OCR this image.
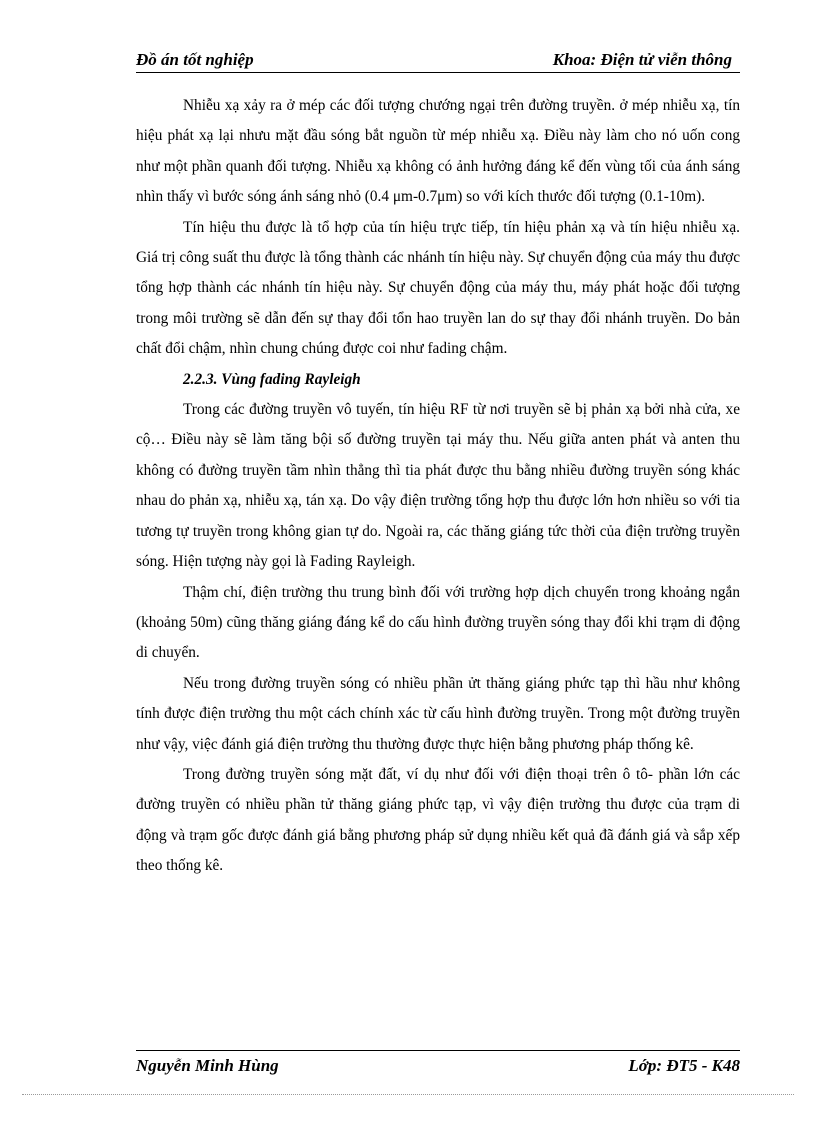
Đồ án tốt nghiệp	Khoa: Điện tử viễn thông

Nhiễu xạ xảy ra ở mép các đối tượng chướng ngại trên đường truyền. ở mép nhiễu xạ, tín hiệu phát xạ lại nhưu mặt đầu sóng bắt nguồn từ mép nhiễu xạ. Điều này làm cho nó uốn cong như một phần quanh đối tượng. Nhiễu xạ không có ảnh hưởng đáng kể đến vùng tối của ánh sáng nhìn thấy vì bước sóng ánh sáng nhỏ (0.4 μm-0.7μm) so với kích thước đối tượng (0.1-10m).

Tín hiệu thu được là tổ hợp của tín hiệu trực tiếp, tín hiệu phản xạ và tín hiệu nhiễu xạ. Giá trị công suất thu được là tổng thành các nhánh tín hiệu này. Sự chuyển động của máy thu được tổng hợp thành các nhánh tín hiệu này. Sự chuyển động của máy thu, máy phát hoặc đối tượng trong môi trường sẽ dẫn đến sự thay đổi tổn hao truyền lan do sự thay đổi nhánh truyền. Do bản chất đổi chậm, nhìn chung chúng được coi như fading chậm.

2.2.3. Vùng fading Rayleigh

Trong các đường truyền vô tuyến, tín hiệu RF từ nơi truyền sẽ bị phản xạ bởi nhà cửa, xe cộ… Điều này sẽ làm tăng bội số đường truyền tại máy thu. Nếu giữa anten phát và anten thu không có đường truyền tầm nhìn thẳng thì tia phát được thu bằng nhiều đường truyền sóng khác nhau do phản xạ, nhiễu xạ, tán xạ. Do vậy điện trường tổng hợp thu được lớn hơn nhiều so với tia tương tự truyền trong không gian tự do. Ngoài ra, các thăng giáng tức thời của điện trường truyền sóng. Hiện tượng này gọi là Fading Rayleigh.

Thậm chí, điện trường thu trung bình đối với trường hợp dịch chuyển trong khoảng ngắn (khoảng 50m) cũng thăng giáng đáng kể do cấu hình đường truyền sóng thay đổi khi trạm di động di chuyển.

Nếu trong đường truyền sóng có nhiều phần ửt thăng giáng phức tạp thì hầu như không tính được điện trường thu một cách chính xác từ cấu hình đường truyền. Trong một đường truyền như vậy, việc đánh giá điện trường thu thường được thực hiện bằng phương pháp thống kê.

Trong đường truyền sóng mặt đất, ví dụ như đối với điện thoại trên ô tô- phần lớn các đường truyền có nhiều phần tử thăng giáng phức tạp, vì vậy điện trường thu được của trạm di động và trạm gốc được đánh giá bằng phương pháp sử dụng nhiều kết quả đã đánh giá và sắp xếp theo thống kê.

Nguyễn Minh Hùng	Lớp: ĐT5 - K48
